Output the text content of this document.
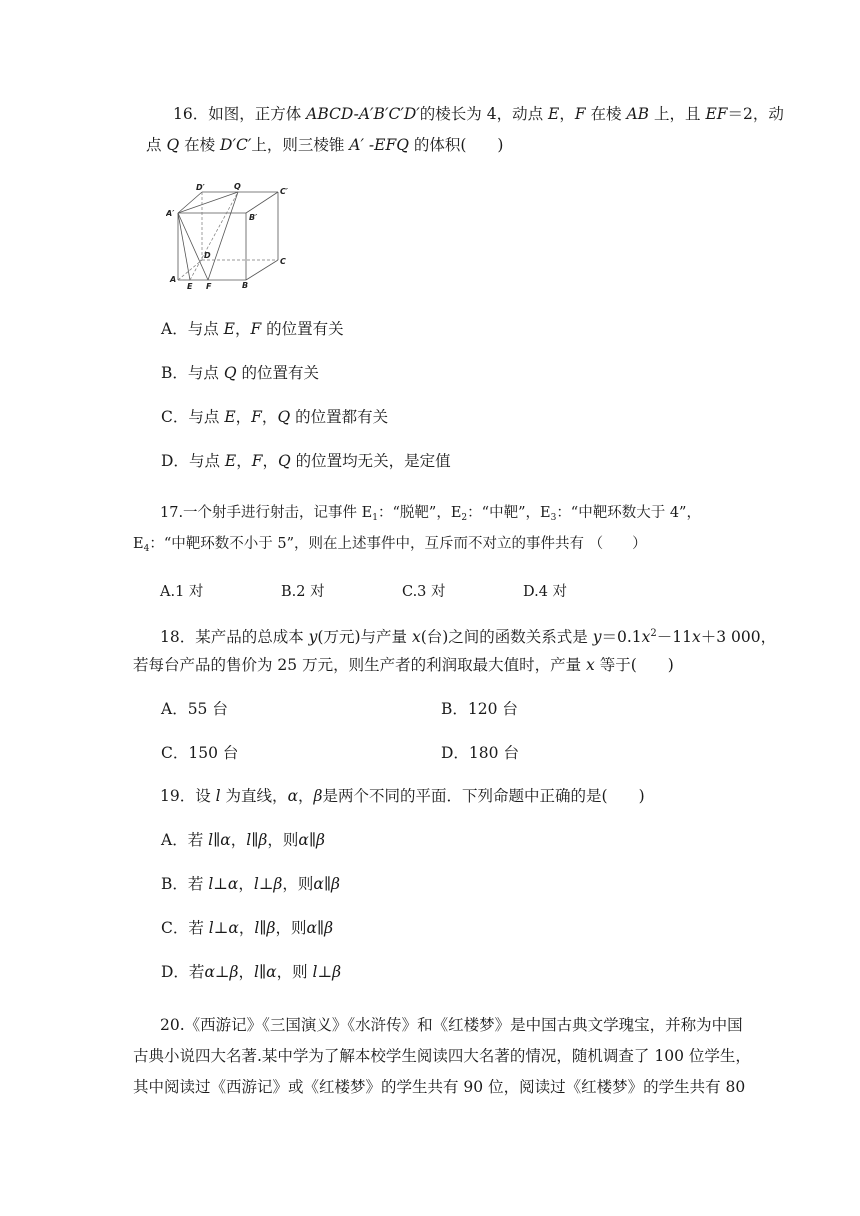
16．如图，正方体 ABCD-A′B′C′D′的棱长为 4，动点 E，F 在棱 AB 上，且 EF＝2，动
点 Q 在棱 D′C′上，则三棱锥 A′ -EFQ 的体积(　　)
D′	Q
C′
A′	B′
D
C
A
E F	B
A．与点 E，F 的位置有关
B．与点 Q 的位置有关
C．与点 E，F，Q 的位置都有关
D．与点 E，F，Q 的位置均无关，是定值
17.一个射手进行射击，记事件 $E_1$：“脱靶”，$E_2$：“中靶”，$E_3$：“中靶环数大于 4”，
$E_4$：“中靶环数不小于 5”，则在上述事件中，互斥而不对立的事件共有 （　　）
A.1 对	B.2 对	C.3 对	D.4 对
18．某产品的总成本 y(万元)与产量 x(台)之间的函数关系式是 $y=0.1x^2-11x+3$ 000，
若每台产品的售价为 25 万元，则生产者的利润取最大值时，产量 x 等于(　　)
A．55 台	B．120 台
C．150 台	D．180 台
19．设 l 为直线，α，β是两个不同的平面．下列命题中正确的是(　　)
A．若 l∥α，l∥β，则α∥β
B．若 l⊥α，l⊥β，则α∥β
C．若 l⊥α，l∥β，则α∥β
D．若α⊥β，l∥α，则 l⊥β
20.《西游记》《三国演义》《水浒传》和《红楼梦》是中国古典文学瑰宝，并称为中国
古典小说四大名著.某中学为了解本校学生阅读四大名著的情况，随机调查了 100 位学生，
其中阅读过《西游记》或《红楼梦》的学生共有 90 位，阅读过《红楼梦》的学生共有 80
